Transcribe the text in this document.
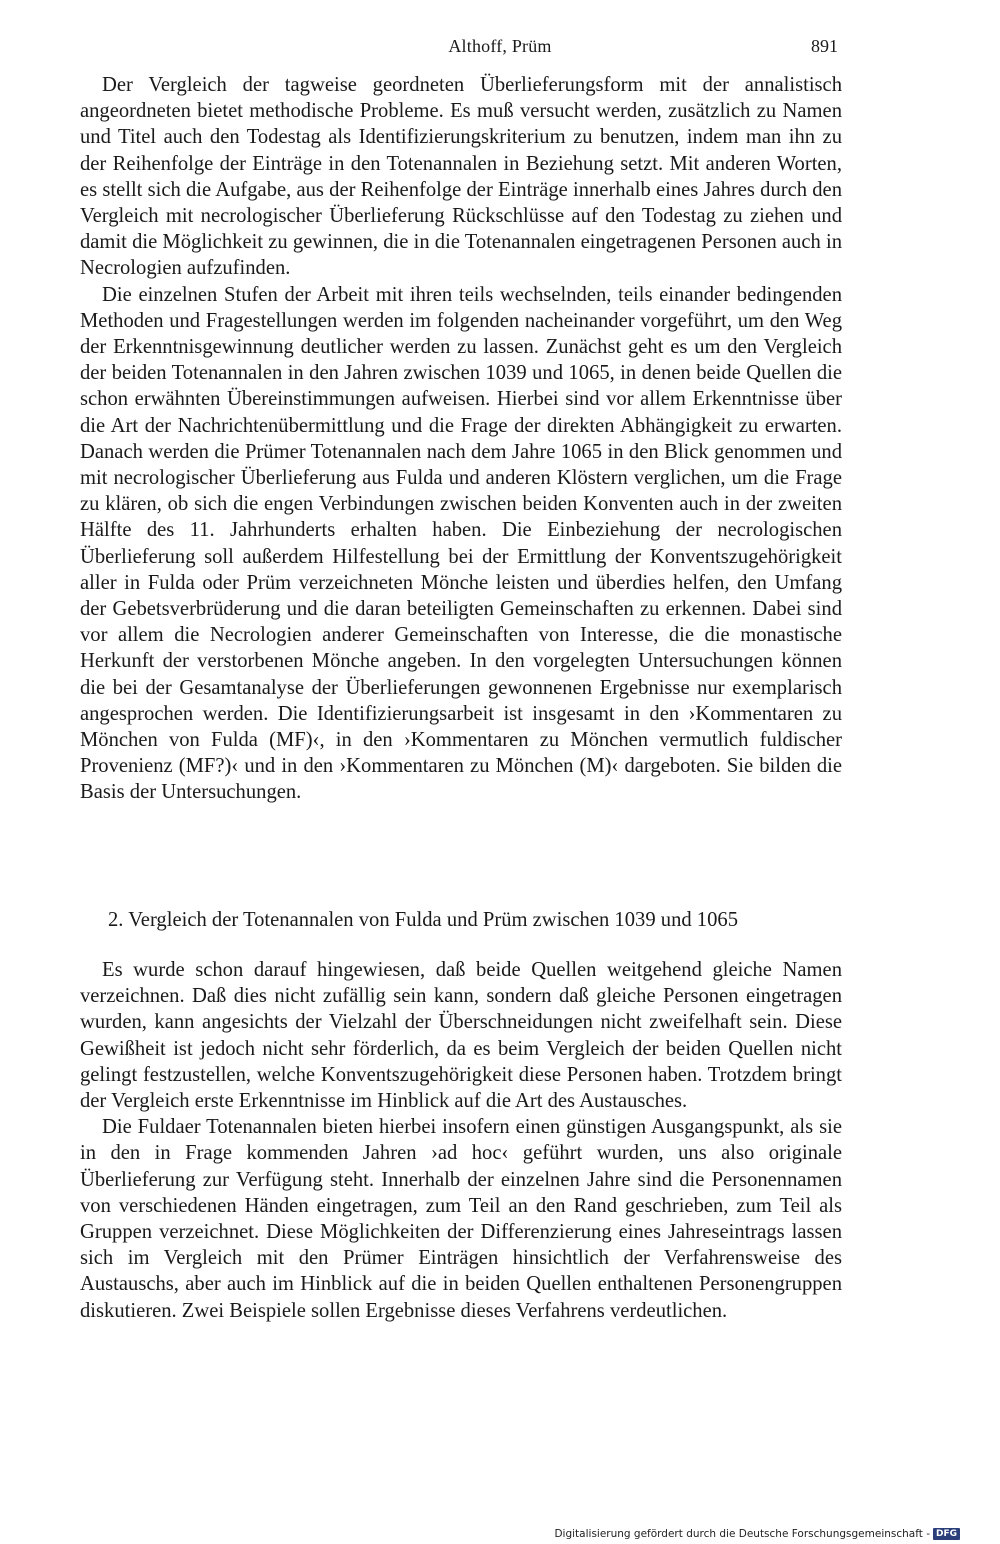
Althoff, Prüm	891

Der Vergleich der tagweise geordneten Überlieferungsform mit der annalistisch angeordneten bietet methodische Probleme. Es muß versucht werden, zusätzlich zu Namen und Titel auch den Todestag als Identifizierungskriterium zu benutzen, indem man ihn zu der Reihenfolge der Einträge in den Totenannalen in Beziehung setzt. Mit anderen Worten, es stellt sich die Aufgabe, aus der Reihenfolge der Einträge innerhalb eines Jahres durch den Vergleich mit necrologischer Überlieferung Rückschlüsse auf den Todestag zu ziehen und damit die Möglichkeit zu gewinnen, die in die Totenannalen eingetragenen Personen auch in Necrologien aufzufinden.

Die einzelnen Stufen der Arbeit mit ihren teils wechselnden, teils einander bedingenden Methoden und Fragestellungen werden im folgenden nacheinander vorgeführt, um den Weg der Erkenntnisgewinnung deutlicher werden zu lassen. Zunächst geht es um den Vergleich der beiden Totenannalen in den Jahren zwischen 1039 und 1065, in denen beide Quellen die schon erwähnten Übereinstimmungen aufweisen. Hierbei sind vor allem Erkenntnisse über die Art der Nachrichtenübermittlung und die Frage der direkten Abhängigkeit zu erwarten. Danach werden die Prümer Totenannalen nach dem Jahre 1065 in den Blick genommen und mit necrologischer Überlieferung aus Fulda und anderen Klöstern verglichen, um die Frage zu klären, ob sich die engen Verbindungen zwischen beiden Konventen auch in der zweiten Hälfte des 11. Jahrhunderts erhalten haben. Die Einbeziehung der necrologischen Überlieferung soll außerdem Hilfestellung bei der Ermittlung der Konventszugehörigkeit aller in Fulda oder Prüm verzeichneten Mönche leisten und überdies helfen, den Umfang der Gebetsverbrüderung und die daran beteiligten Gemeinschaften zu erkennen. Dabei sind vor allem die Necrologien anderer Gemeinschaften von Interesse, die die monastische Herkunft der verstorbenen Mönche angeben. In den vorgelegten Untersuchungen können die bei der Gesamtanalyse der Überlieferungen gewonnenen Ergebnisse nur exemplarisch angesprochen werden. Die Identifizierungsarbeit ist insgesamt in den ›Kommentaren zu Mönchen von Fulda (MF)‹, in den ›Kommentaren zu Mönchen vermutlich fuldischer Provenienz (MF?)‹ und in den ›Kommentaren zu Mönchen (M)‹ dargeboten. Sie bilden die Basis der Untersuchungen.

2. Vergleich der Totenannalen von Fulda und Prüm zwischen 1039 und 1065

Es wurde schon darauf hingewiesen, daß beide Quellen weitgehend gleiche Namen verzeichnen. Daß dies nicht zufällig sein kann, sondern daß gleiche Personen eingetragen wurden, kann angesichts der Vielzahl der Überschneidungen nicht zweifelhaft sein. Diese Gewißheit ist jedoch nicht sehr förderlich, da es beim Vergleich der beiden Quellen nicht gelingt festzustellen, welche Konventszugehörigkeit diese Personen haben. Trotzdem bringt der Vergleich erste Erkenntnisse im Hinblick auf die Art des Austausches.

Die Fuldaer Totenannalen bieten hierbei insofern einen günstigen Ausgangspunkt, als sie in den in Frage kommenden Jahren ›ad hoc‹ geführt wurden, uns also originale Überlieferung zur Verfügung steht. Innerhalb der einzelnen Jahre sind die Personennamen von verschiedenen Händen eingetragen, zum Teil an den Rand geschrieben, zum Teil als Gruppen verzeichnet. Diese Möglichkeiten der Differenzierung eines Jahreseintrags lassen sich im Vergleich mit den Prümer Einträgen hinsichtlich der Verfahrensweise des Austauschs, aber auch im Hinblick auf die in beiden Quellen enthaltenen Personengruppen diskutieren. Zwei Beispiele sollen Ergebnisse dieses Verfahrens verdeutlichen.

Digitalisierung gefördert durch die Deutsche Forschungsgemeinschaft - DFG
